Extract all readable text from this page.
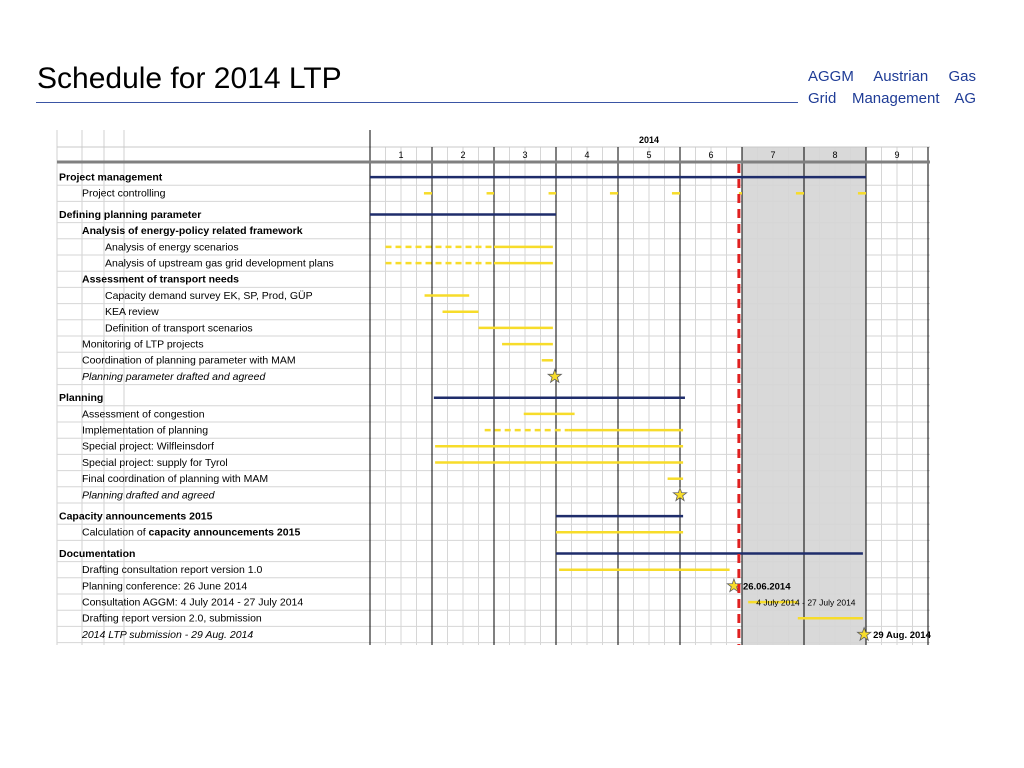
Schedule for 2014 LTP	AGGM Austrian Gas
Grid Management AG
2014
1	2	3	4	5	6	7	8	9
Project management
Project controlling
Defining planning parameter
Analysis of energy-policy related framework
Analysis of energy scenarios
Analysis of upstream gas grid development plans
Assessment of transport needs
Capacity demand survey EK, SP, Prod, GÜP
KEA review
Definition of transport scenarios
Monitoring of LTP projects
Coordination of planning parameter with MAM
Planning parameter drafted and agreed
Planning
Assessment of congestion
Implementation of planning
Special project: Wilfleinsdorf
Special project: supply for Tyrol
Final coordination of planning with MAM
Planning drafted and agreed
Capacity announcements 2015
Calculation of capacity announcements 2015
Documentation
Drafting consultation report version 1.0
Planning conference: 26 June 2014	26.06.2014
Consultation AGGM: 4 July 2014 - 27 July 2014	4 July 2014 - 27 July 2014
Drafting report version 2.0, submission
2014 LTP submission - 29 Aug. 2014	29 Aug. 2014
